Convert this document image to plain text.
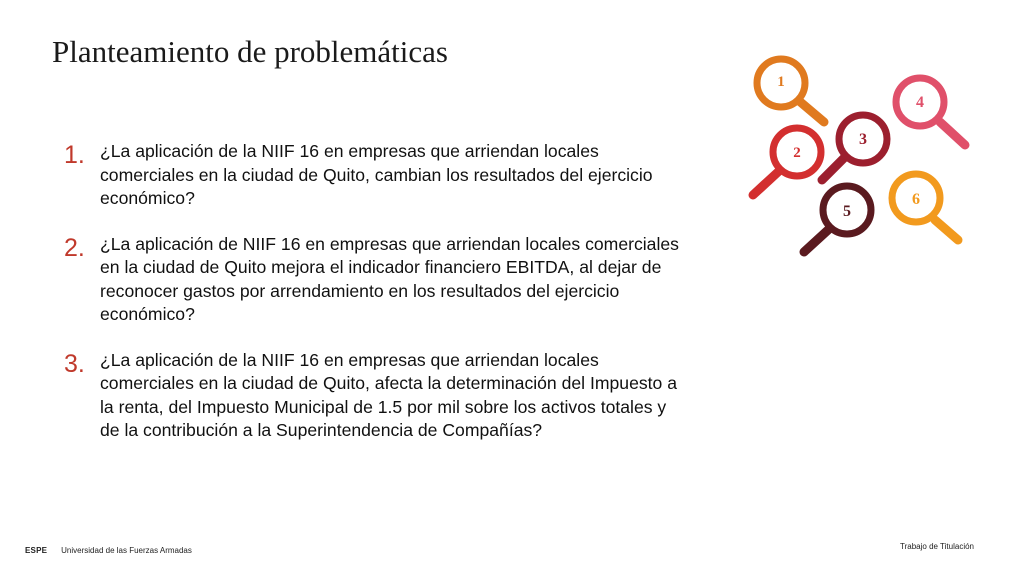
Planteamiento de problemáticas
1. ¿La aplicación de la NIIF 16 en empresas que arriendan locales comerciales en la ciudad de Quito, cambian los resultados del ejercicio económico?
2. ¿La aplicación de NIIF 16 en empresas que arriendan locales comerciales en la ciudad de Quito mejora el indicador financiero EBITDA, al dejar de reconocer gastos por arrendamiento en los resultados del ejercicio económico?
3. ¿La aplicación de la NIIF 16 en empresas que arriendan locales comerciales en la ciudad de Quito, afecta la determinación del Impuesto a la renta, del Impuesto Municipal de 1.5 por mil sobre los activos totales y de la contribución a la Superintendencia de Compañías?
1
4
3
2
6
5
ESPE Universidad de las Fuerzas Armadas	Trabajo de Titulación
